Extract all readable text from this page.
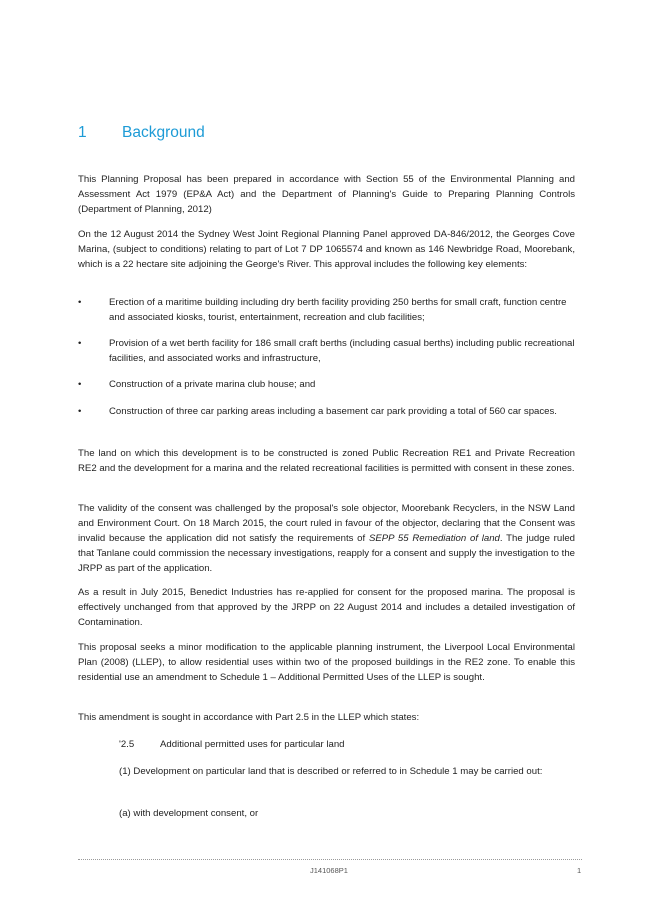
1 Background

This Planning Proposal has been prepared in accordance with Section 55 of the Environmental Planning and Assessment Act 1979 (EP&A Act) and the Department of Planning's Guide to Preparing Planning Controls (Department of Planning, 2012)

On the 12 August 2014 the Sydney West Joint Regional Planning Panel approved DA-846/2012, the Georges Cove Marina, (subject to conditions) relating to part of Lot 7 DP 1065574 and known as 146 Newbridge Road, Moorebank, which is a 22 hectare site adjoining the George's River. This approval includes the following key elements:

•	Erection of a maritime building including dry berth facility providing 250 berths for small craft, function centre and associated kiosks, tourist, entertainment, recreation and club facilities;
•	Provision of a wet berth facility for 186 small craft berths (including casual berths) including public recreational facilities, and associated works and infrastructure,
•	Construction of a private marina club house; and
•	Construction of three car parking areas including a basement car park providing a total of 560 car spaces.

The land on which this development is to be constructed is zoned Public Recreation RE1 and Private Recreation RE2 and the development for a marina and the related recreational facilities is permitted with consent in these zones.

The validity of the consent was challenged by the proposal's sole objector, Moorebank Recyclers, in the NSW Land and Environment Court. On 18 March 2015, the court ruled in favour of the objector, declaring that the Consent was invalid because the application did not satisfy the requirements of SEPP 55 Remediation of land. The judge ruled that Tanlane could commission the necessary investigations, reapply for a consent and supply the investigation to the JRPP as part of the application.

As a result in July 2015, Benedict Industries has re-applied for consent for the proposed marina. The proposal is effectively unchanged from that approved by the JRPP on 22 August 2014 and includes a detailed investigation of Contamination.

This proposal seeks a minor modification to the applicable planning instrument, the Liverpool Local Environmental Plan (2008) (LLEP), to allow residential uses within two of the proposed buildings in the RE2 zone. To enable this residential use an amendment to Schedule 1 – Additional Permitted Uses of the LLEP is sought.

This amendment is sought in accordance with Part 2.5 in the LLEP which states:

'2.5	Additional permitted uses for particular land
(1) Development on particular land that is described or referred to in Schedule 1 may be carried out:
(a) with development consent, or
J141068P1	1
